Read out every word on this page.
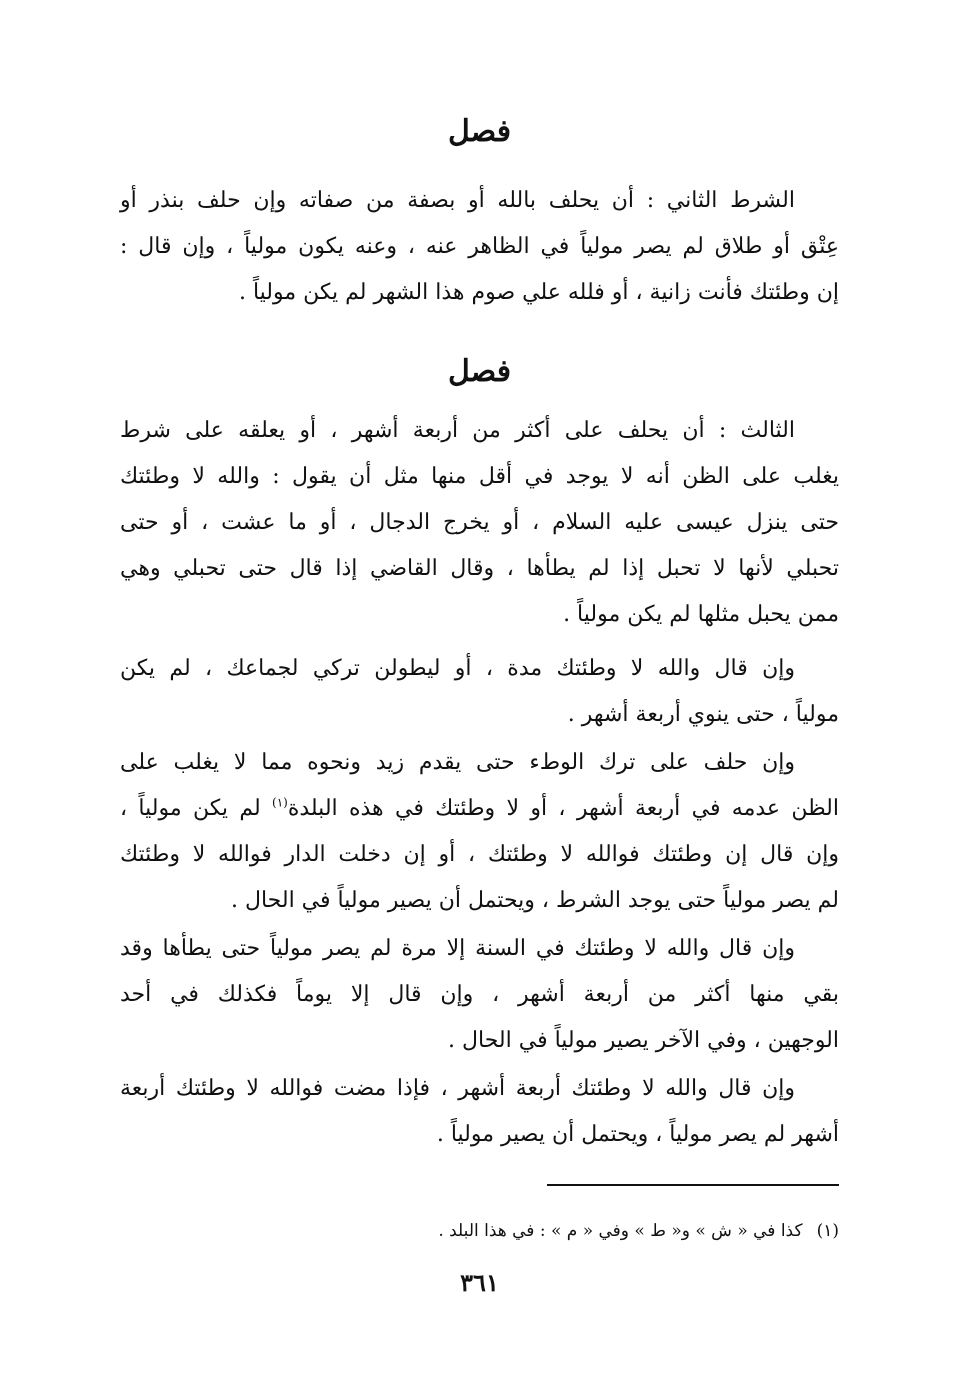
فصل
الشرط الثاني : أن يحلف بالله أو بصفة من صفاته وإن حلف بنذر أو
عِتْق أو طلاق لم يصر مولياً في الظاهر عنه ، وعنه يكون مولياً ، وإن قال :
إن وطئتك فأنت زانية ، أو فلله علي صوم هذا الشهر لم يكن مولياً .
فصل
الثالث : أن يحلف على أكثر من أربعة أشهر ، أو يعلقه على شرط
يغلب على الظن أنه لا يوجد في أقل منها مثل أن يقول : والله لا وطئتك
حتى ينزل عيسى عليه السلام ، أو يخرج الدجال ، أو ما عشت ، أو حتى
تحبلي لأنها لا تحبل إذا لم يطأها ، وقال القاضي إذا قال حتى تحبلي وهي
ممن يحبل مثلها لم يكن مولياً .
وإن قال والله لا وطئتك مدة ، أو ليطولن تركي لجماعك ، لم يكن
مولياً ، حتى ينوي أربعة أشهر .
وإن حلف على ترك الوطء حتى يقدم زيد ونحوه مما لا يغلب على
الظن عدمه في أربعة أشهر ، أو لا وطئتك في هذه البلدة$^{(١)}$ لم يكن مولياً ،
وإن قال إن وطئتك فوالله لا وطئتك ، أو إن دخلت الدار فوالله لا وطئتك
لم يصر مولياً حتى يوجد الشرط ، ويحتمل أن يصير مولياً في الحال .
وإن قال والله لا وطئتك في السنة إلا مرة لم يصر مولياً حتى يطأها وقد
بقي منها أكثر من أربعة أشهر ، وإن قال إلا يوماً فكذلك في أحد
الوجهين ، وفي الآخر يصير مولياً في الحال .
وإن قال والله لا وطئتك أربعة أشهر ، فإذا مضت فوالله لا وطئتك أربعة
أشهر لم يصر مولياً ، ويحتمل أن يصير مولياً .
(١)كذا في « ش » و« ط » وفي « م » : في هذا البلد .
٣٦١
